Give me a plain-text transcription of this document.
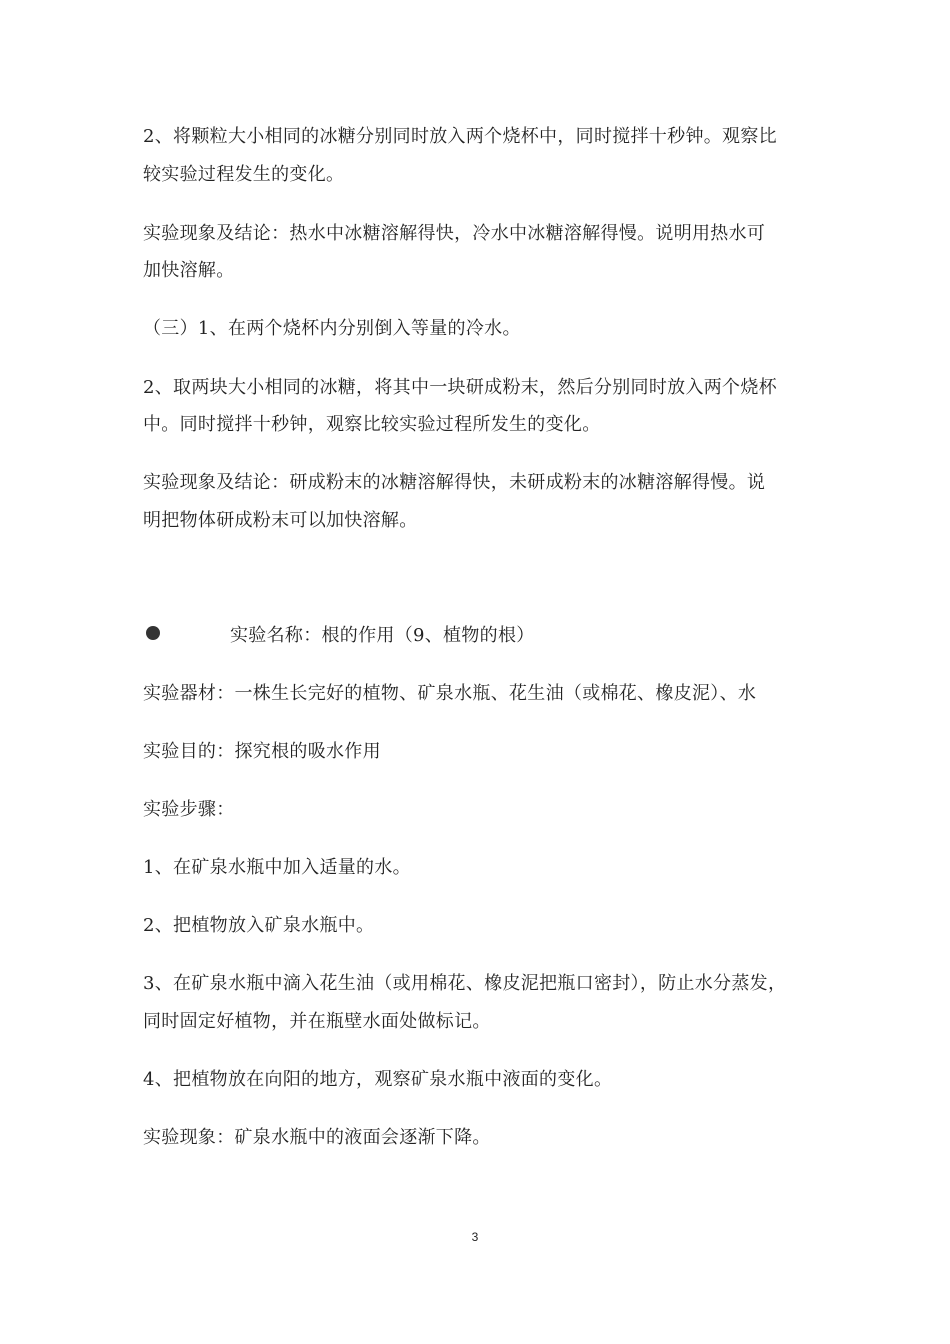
2、将颗粒大小相同的冰糖分别同时放入两个烧杯中，同时搅拌十秒钟。观察比
较实验过程发生的变化。
实验现象及结论：热水中冰糖溶解得快，冷水中冰糖溶解得慢。说明用热水可
加快溶解。
（三）1、在两个烧杯内分别倒入等量的冷水。
2、取两块大小相同的冰糖，将其中一块研成粉末，然后分别同时放入两个烧杯
中。同时搅拌十秒钟，观察比较实验过程所发生的变化。
实验现象及结论：研成粉末的冰糖溶解得快，未研成粉末的冰糖溶解得慢。说
明把物体研成粉末可以加快溶解。
实验名称：根的作用（9、植物的根）
实验器材：一株生长完好的植物、矿泉水瓶、花生油（或棉花、橡皮泥）、水
实验目的：探究根的吸水作用
实验步骤：
1、在矿泉水瓶中加入适量的水。
2、把植物放入矿泉水瓶中。
3、在矿泉水瓶中滴入花生油（或用棉花、橡皮泥把瓶口密封），防止水分蒸发，
同时固定好植物，并在瓶壁水面处做标记。
4、把植物放在向阳的地方，观察矿泉水瓶中液面的变化。
实验现象：矿泉水瓶中的液面会逐渐下降。
3
